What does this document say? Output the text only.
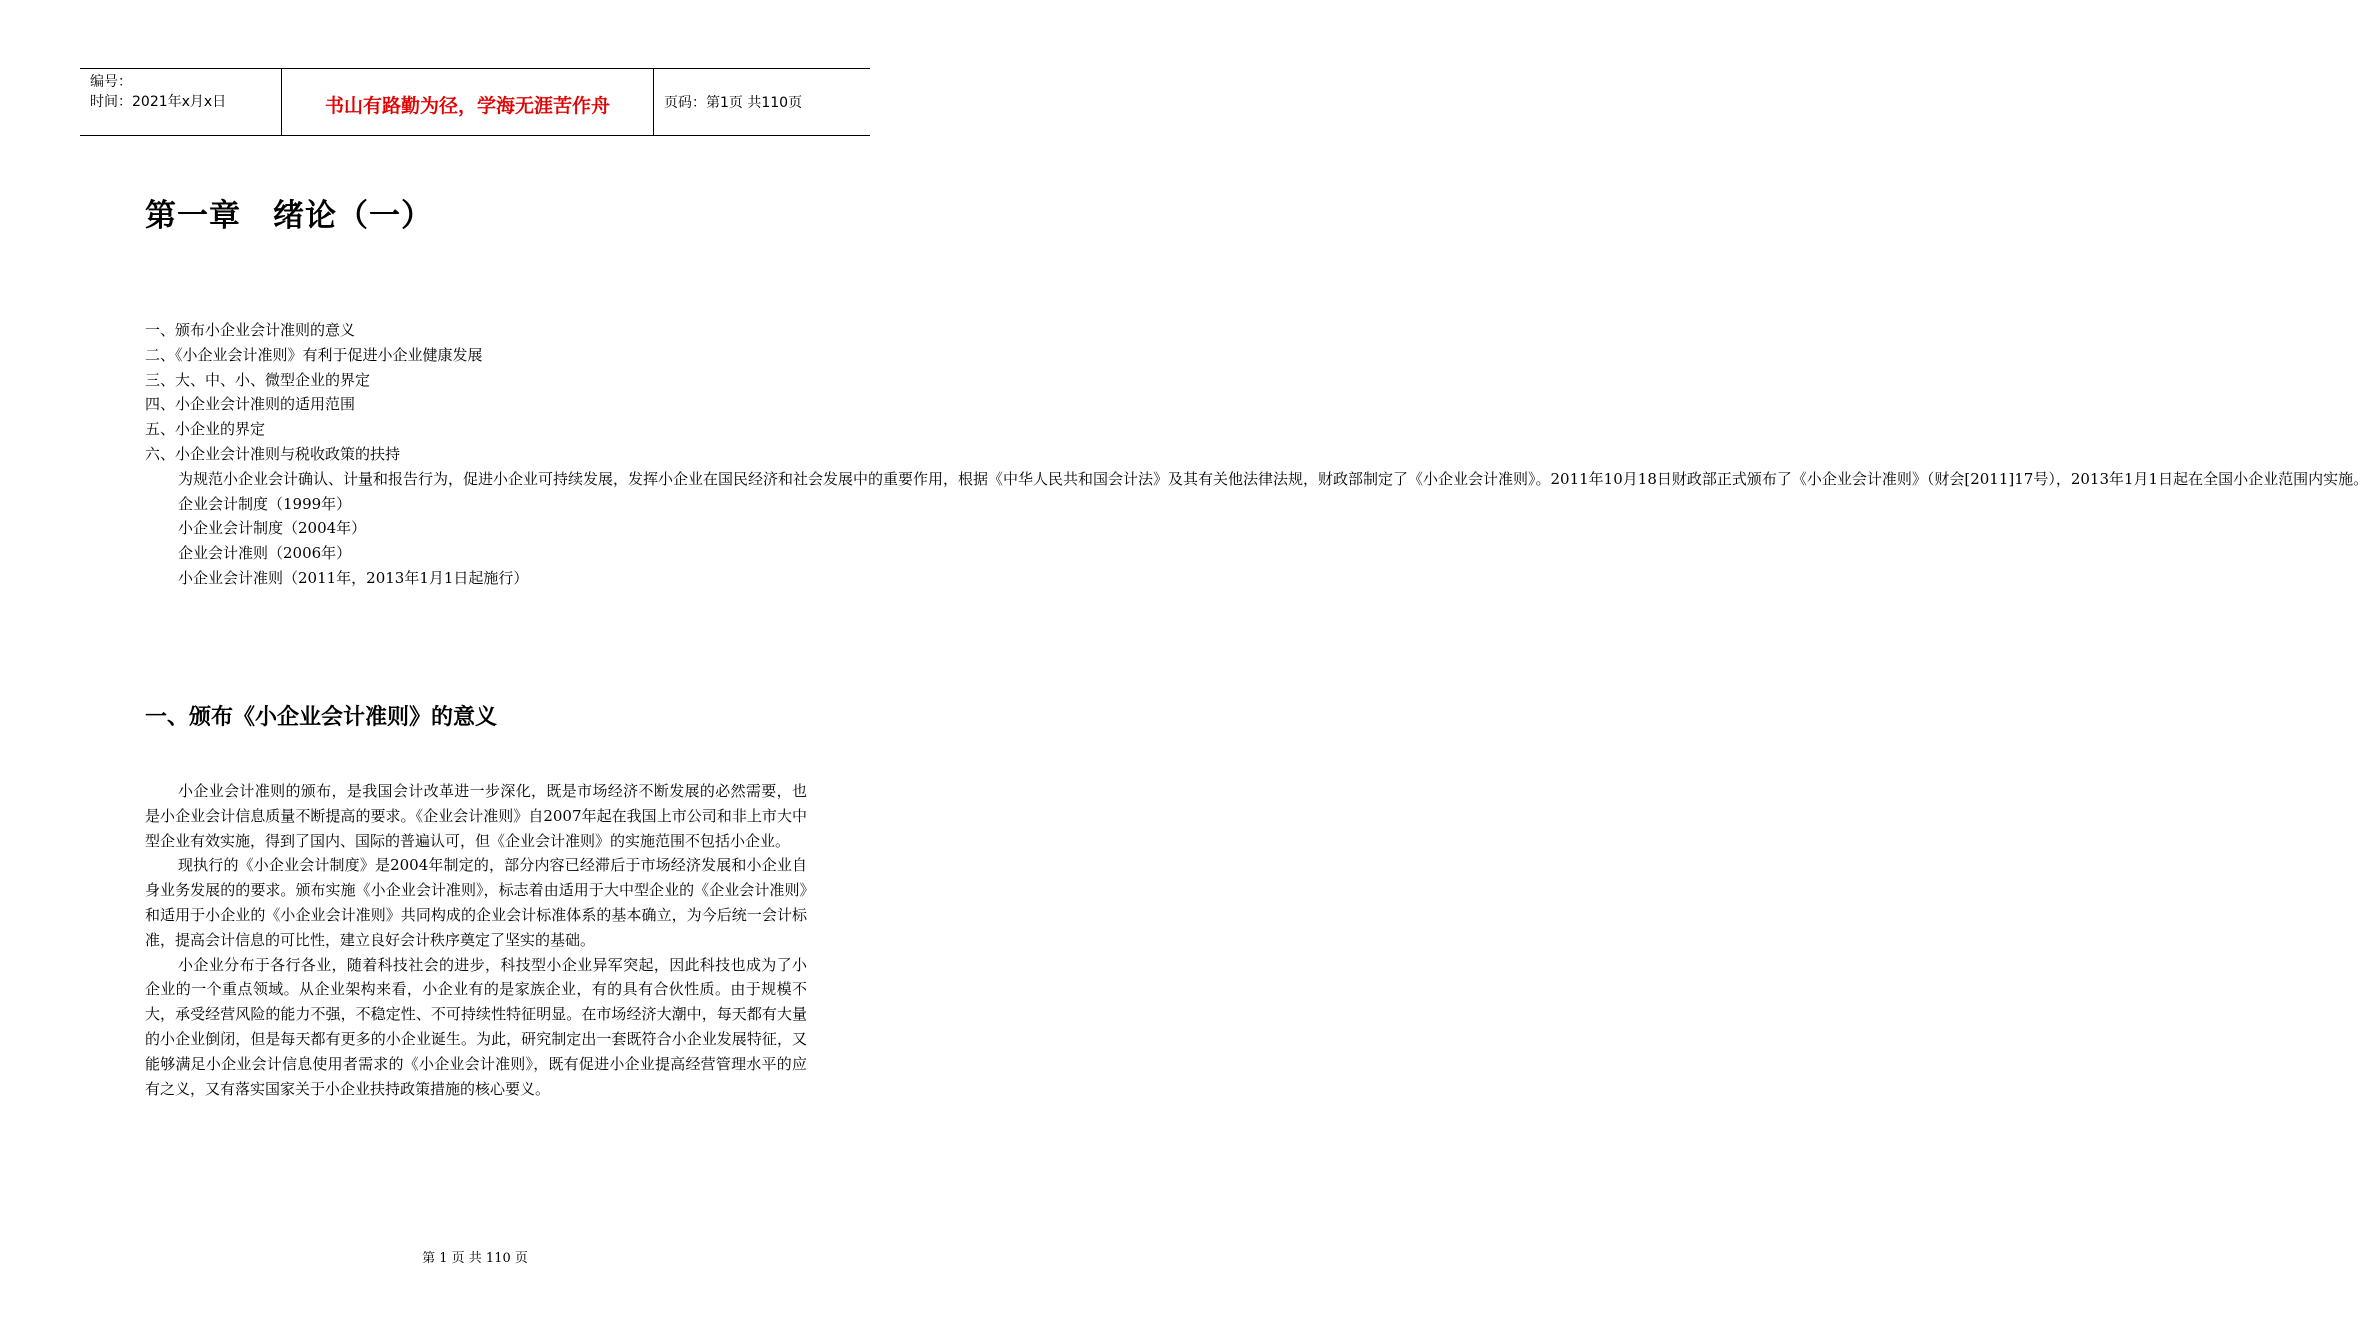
编号：
时间：2021年x月x日	书山有路勤为径，学海无涯苦作舟	页码：第1页 共110页
第一章　绪论（一）
一、颁布小企业会计准则的意义
二、《小企业会计准则》有利于促进小企业健康发展
三、大、中、小、微型企业的界定
四、小企业会计准则的适用范围
五、小企业的界定
六、小企业会计准则与税收政策的扶持
为规范小企业会计确认、计量和报告行为，促进小企业可持续发展，发挥小企业在国民经济和社会发展中的重要作用，根据《中华人民共和国会计法》及其有关他法律法规，财政部制定了《小企业会计准则》。2011年10月18日财政部正式颁布了《小企业会计准则》（财会[2011]17号），2013年1月1日起在全国小企业范围内实施。
企业会计制度（1999年）
小企业会计制度（2004年）
企业会计准则（2006年）
小企业会计准则（2011年，2013年1月1日起施行）
一、颁布《小企业会计准则》的意义

小企业会计准则的颁布，是我国会计改革进一步深化，既是市场经济不断发展的必然需要，也是小企业会计信息质量不断提高的要求。《企业会计准则》自2007年起在我国上市公司和非上市大中型企业有效实施，得到了国内、国际的普遍认可，但《企业会计准则》的实施范围不包括小企业。

现执行的《小企业会计制度》是2004年制定的，部分内容已经滞后于市场经济发展和小企业自身业务发展的的要求。颁布实施《小企业会计准则》，标志着由适用于大中型企业的《企业会计准则》和适用于小企业的《小企业会计准则》共同构成的企业会计标准体系的基本确立，为今后统一会计标准，提高会计信息的可比性，建立良好会计秩序奠定了坚实的基础。

小企业分布于各行各业，随着科技社会的进步，科技型小企业异军突起，因此科技也成为了小企业的一个重点领域。从企业架构来看，小企业有的是家族企业，有的具有合伙性质。由于规模不大，承受经营风险的能力不强，不稳定性、不可持续性特征明显。在市场经济大潮中，每天都有大量的小企业倒闭，但是每天都有更多的小企业诞生。为此，研究制定出一套既符合小企业发展特征，又能够满足小企业会计信息使用者需求的《小企业会计准则》，既有促进小企业提高经营管理水平的应有之义，又有落实国家关于小企业扶持政策措施的核心要义。

第 1 页 共 110 页
